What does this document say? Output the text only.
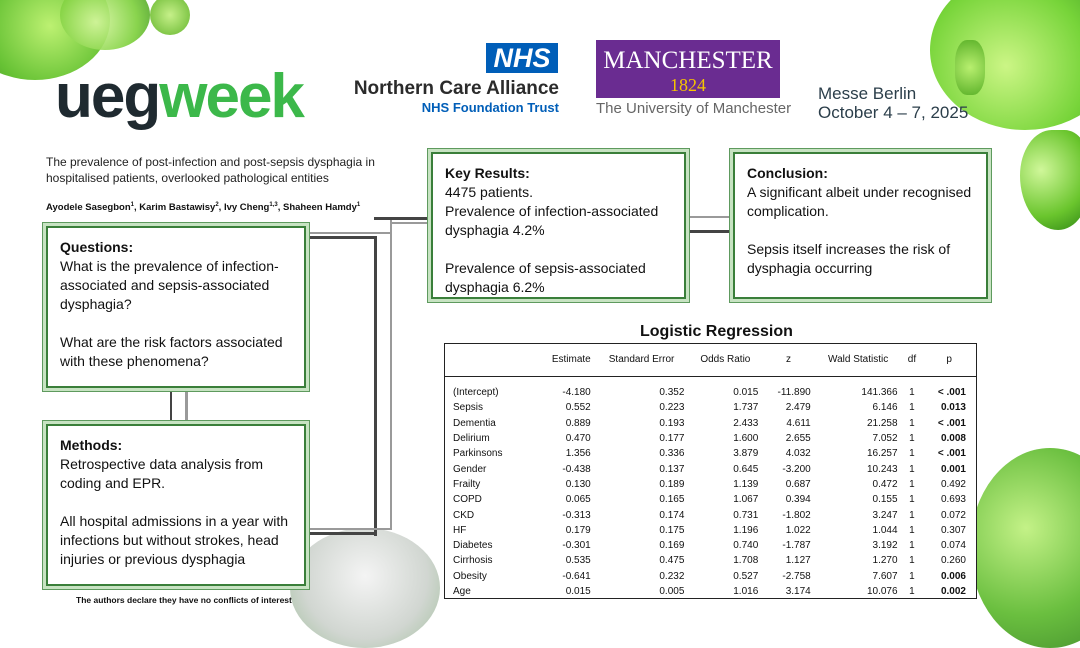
uegweek
NHS
Northern Care Alliance
NHS Foundation Trust
MANCHESTER
1824
The University of Manchester
Messe Berlin
October 4 – 7, 2025
The prevalence of post-infection and post-sepsis dysphagia in hospitalised patients, overlooked pathological entities
Ayodele Sasegbon$^1$, Karim Bastawisy$^2$, Ivy Cheng$^{1,3}$, Shaheen Hamdy$^1$

Questions:

What is the prevalence of infection-associated and sepsis-associated dysphagia?

What are the risk factors associated with these phenomena?

Methods:

Retrospective data analysis from coding and EPR.

All hospital admissions in a year with infections but without strokes, head injuries or previous dysphagia

Key Results:

4475 patients.

Prevalence of infection-associated dysphagia 4.2%

Prevalence of sepsis-associated dysphagia 6.2%

Conclusion:

A significant albeit under recognised complication.

Sepsis itself increases the risk of dysphagia occurring

Logistic Regression
	Estimate	Standard Error	Odds Ratio	z	Wald Statistic	df	p
(Intercept)	-4.180	0.352	0.015	-11.890	141.366	1	< .001
Sepsis	0.552	0.223	1.737	2.479	6.146	1	0.013
Dementia	0.889	0.193	2.433	4.611	21.258	1	< .001
Delirium	0.470	0.177	1.600	2.655	7.052	1	0.008
Parkinsons	1.356	0.336	3.879	4.032	16.257	1	< .001
Gender	-0.438	0.137	0.645	-3.200	10.243	1	0.001
Frailty	0.130	0.189	1.139	0.687	0.472	1	0.492
COPD	0.065	0.165	1.067	0.394	0.155	1	0.693
CKD	-0.313	0.174	0.731	-1.802	3.247	1	0.072
HF	0.179	0.175	1.196	1.022	1.044	1	0.307
Diabetes	-0.301	0.169	0.740	-1.787	3.192	1	0.074
Cirrhosis	0.535	0.475	1.708	1.127	1.270	1	0.260
Obesity	-0.641	0.232	0.527	-2.758	7.607	1	0.006
Age	0.015	0.005	1.016	3.174	10.076	1	0.002
The authors declare they have no conflicts of interest
